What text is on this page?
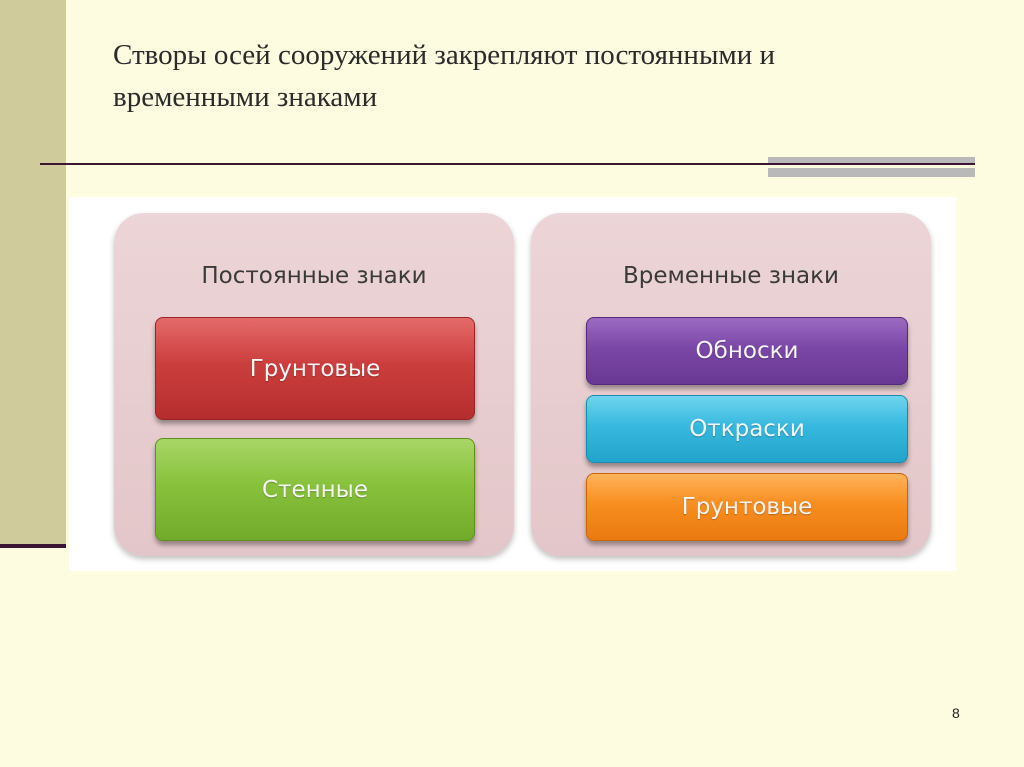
Створы осей сооружений закрепляют постоянными и временными знаками
Постоянные знаки
Грунтовые
Стенные
Временные знаки
Обноски
Откраски
Грунтовые
8
